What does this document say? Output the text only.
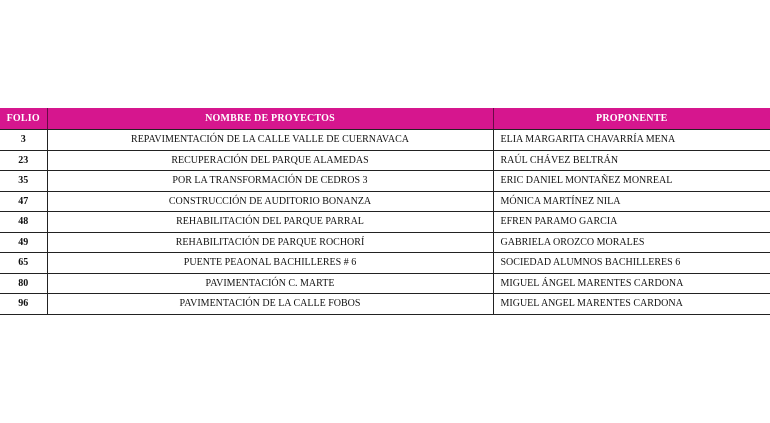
FOLIO	NOMBRE DE PROYECTOS	PROPONENTE
3	REPAVIMENTACIÓN DE LA CALLE VALLE DE CUERNAVACA	ELIA MARGARITA CHAVARRÍA MENA
23	RECUPERACIÓN DEL PARQUE ALAMEDAS	RAÚL CHÁVEZ BELTRÁN
35	POR LA TRANSFORMACIÓN DE CEDROS 3	ERIC DANIEL MONTAÑEZ MONREAL
47	CONSTRUCCIÓN DE AUDITORIO BONANZA	MÓNICA MARTÍNEZ NILA
48	REHABILITACIÓN DEL PARQUE PARRAL	EFREN PARAMO GARCIA
49	REHABILITACIÓN DE PARQUE ROCHORÍ	GABRIELA OROZCO MORALES
65	PUENTE PEAONAL BACHILLERES # 6	SOCIEDAD ALUMNOS BACHILLERES 6
80	PAVIMENTACIÓN C. MARTE	MIGUEL ÁNGEL MARENTES CARDONA
96	PAVIMENTACIÓN DE LA CALLE FOBOS	MIGUEL ANGEL MARENTES CARDONA
